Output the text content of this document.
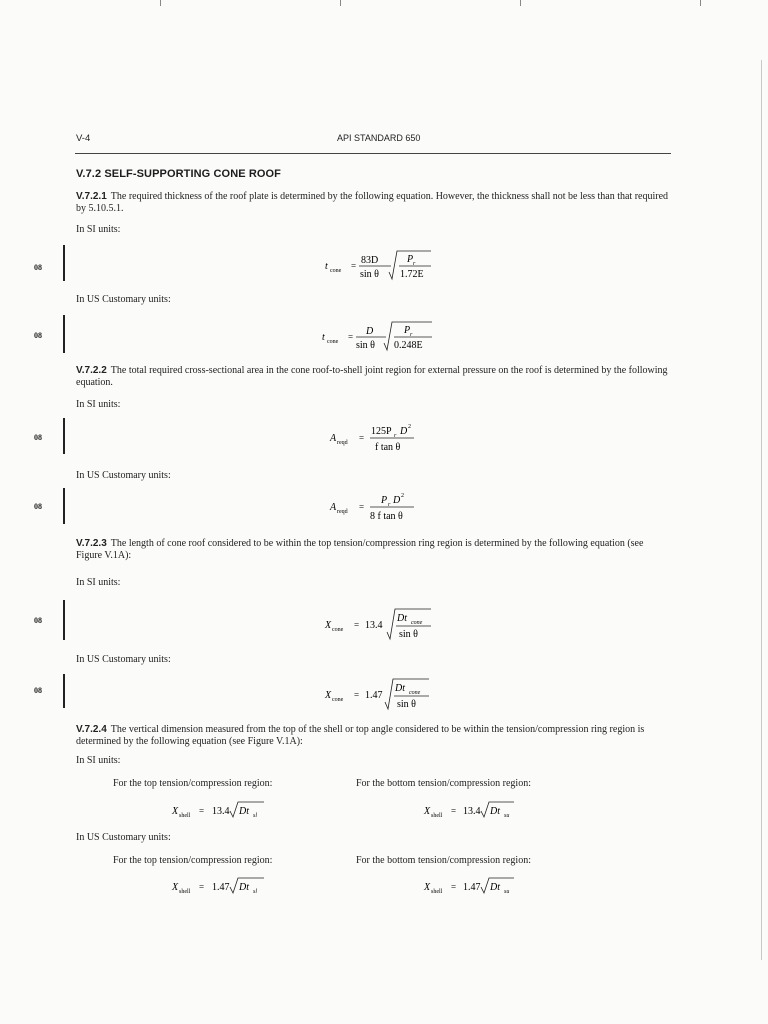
V-4	API STANDARD 650
V.7.2 SELF-SUPPORTING CONE ROOF
V.7.2.1 The required thickness of the roof plate is determined by the following equation. However, the thickness shall not be less than that required by 5.10.5.1.
In SI units:
08	t cone = 83D
sin θ
P r
1.72E
In US Customary units:
08	t cone = D
sin θ
P r
0.248E
V.7.2.2 The total required cross-sectional area in the cone roof-to-shell joint region for external pressure on the roof is determined by the following equation.
In SI units:
08	A reqd =
125P r D 2
f tan θ
In US Customary units:
08	A reqd =
P r D 2
8 f tan θ
V.7.2.3 The length of cone roof considered to be within the top tension/compression ring region is determined by the following equation (see Figure V.1A):
In SI units:
08	X cone = 13.4
Dt cone
sin θ
In US Customary units:
08	X cone = 1.47
Dt cone
sin θ
V.7.2.4 The vertical dimension measured from the top of the shell or top angle considered to be within the tension/compression ring region is determined by the following equation (see Figure V.1A):
In SI units:
For the top tension/compression region:	For the bottom tension/compression region:
X shell = 13.4 Dt sl	X shell = 13.4 Dt su
In US Customary units:
For the top tension/compression region:	For the bottom tension/compression region:
X shell = 1.47 Dt sl	X shell = 1.47 Dt su
